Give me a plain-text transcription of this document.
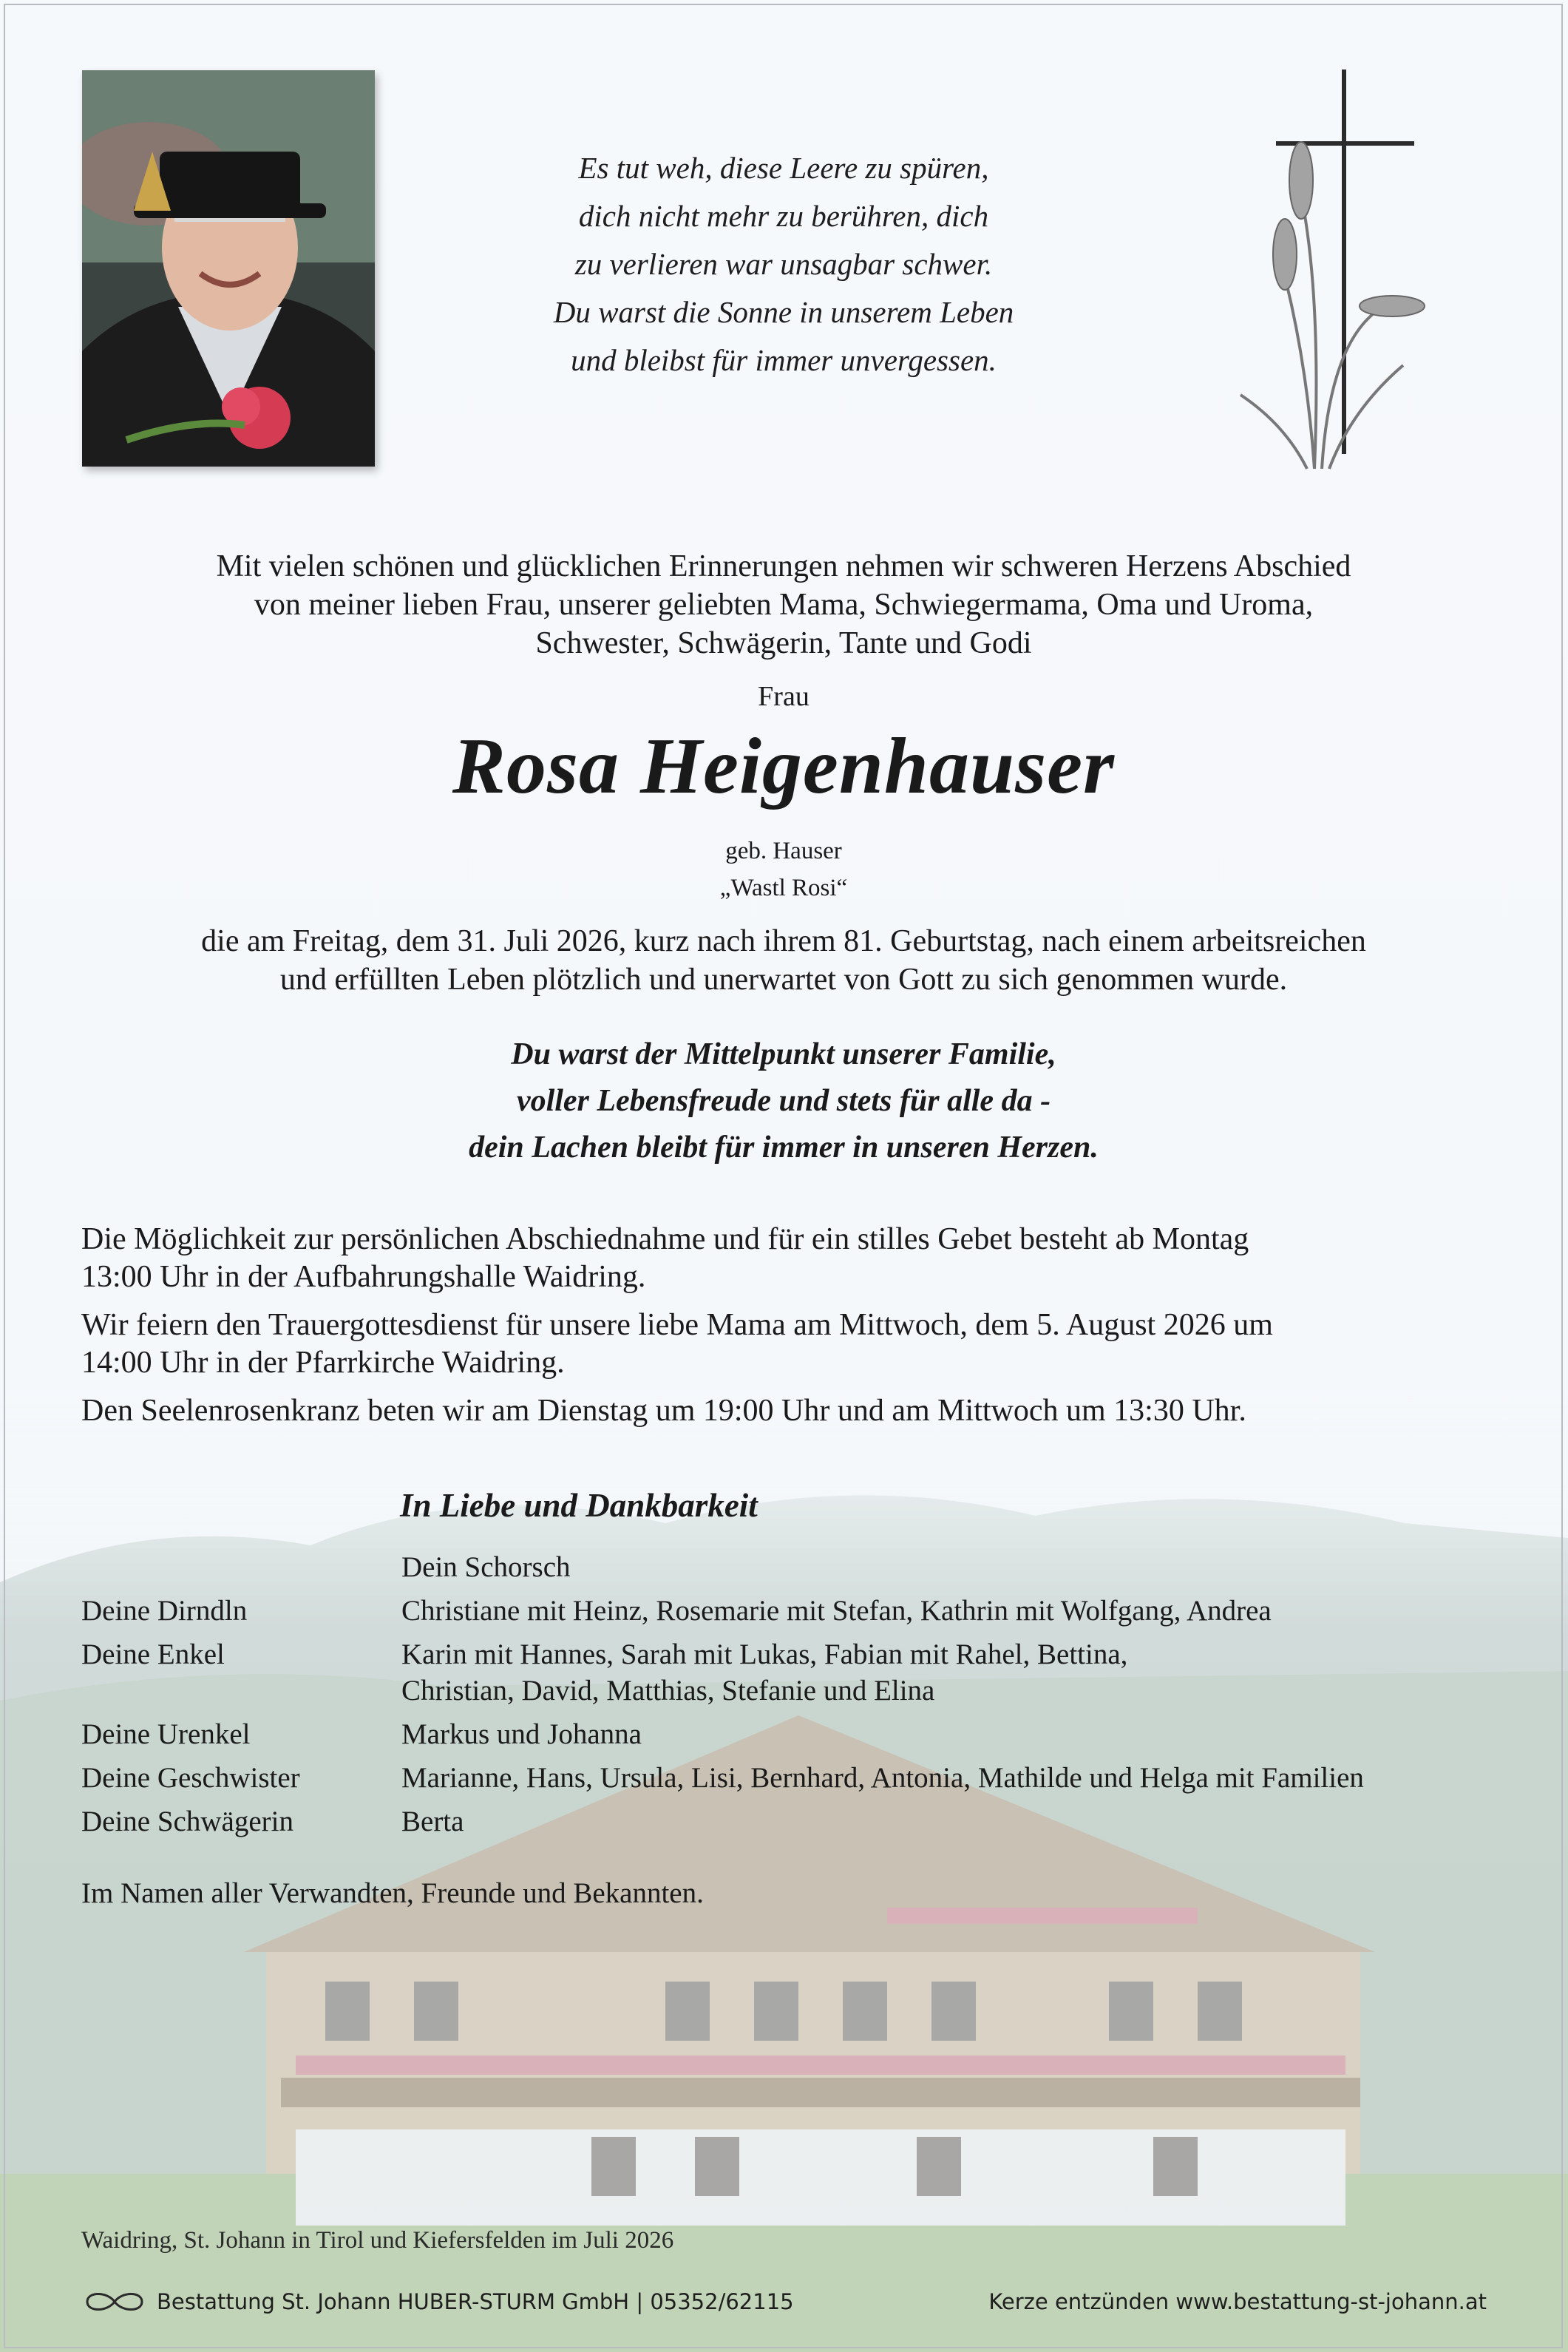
Es tut weh, diese Leere zu spüren,
dich nicht mehr zu berühren, dich
zu verlieren war unsagbar schwer.
Du warst die Sonne in unserem Leben
und bleibst für immer unvergessen.
Mit vielen schönen und glücklichen Erinnerungen nehmen wir schweren Herzens Abschied
von meiner lieben Frau, unserer geliebten Mama, Schwiegermama, Oma und Uroma,
Schwester, Schwägerin, Tante und Godi
Frau
Rosa Heigenhauser
geb. Hauser
„Wastl Rosi“
die am Freitag, dem 31. Juli 2026, kurz nach ihrem 81. Geburtstag, nach einem arbeitsreichen
und erfüllten Leben plötzlich und unerwartet von Gott zu sich genommen wurde.
Du warst der Mittelpunkt unserer Familie,
voller Lebensfreude und stets für alle da -
dein Lachen bleibt für immer in unseren Herzen.
Die Möglichkeit zur persönlichen Abschiednahme und für ein stilles Gebet besteht ab Montag
13:00 Uhr in der Aufbahrungshalle Waidring.
Wir feiern den Trauergottesdienst für unsere liebe Mama am Mittwoch, dem 5. August 2026 um
14:00 Uhr in der Pfarrkirche Waidring.
Den Seelenrosenkranz beten wir am Dienstag um 19:00 Uhr und am Mittwoch um 13:30 Uhr.
In Liebe und Dankbarkeit
Dein Schorsch
Deine Dirndln	Christiane mit Heinz, Rosemarie mit Stefan, Kathrin mit Wolfgang, Andrea
Deine Enkel	Karin mit Hannes, Sarah mit Lukas, Fabian mit Rahel, Bettina,
Christian, David, Matthias, Stefanie und Elina
Deine Urenkel	Markus und Johanna
Deine Geschwister	Marianne, Hans, Ursula, Lisi, Bernhard, Antonia, Mathilde und Helga mit Familien
Deine Schwägerin	Berta
Im Namen aller Verwandten, Freunde und Bekannten.
Waidring, St. Johann in Tirol und Kiefersfelden im Juli 2026
Bestattung St. Johann HUBER-STURM GmbH | 05352/62115	Kerze entzünden www.bestattung-st-johann.at
